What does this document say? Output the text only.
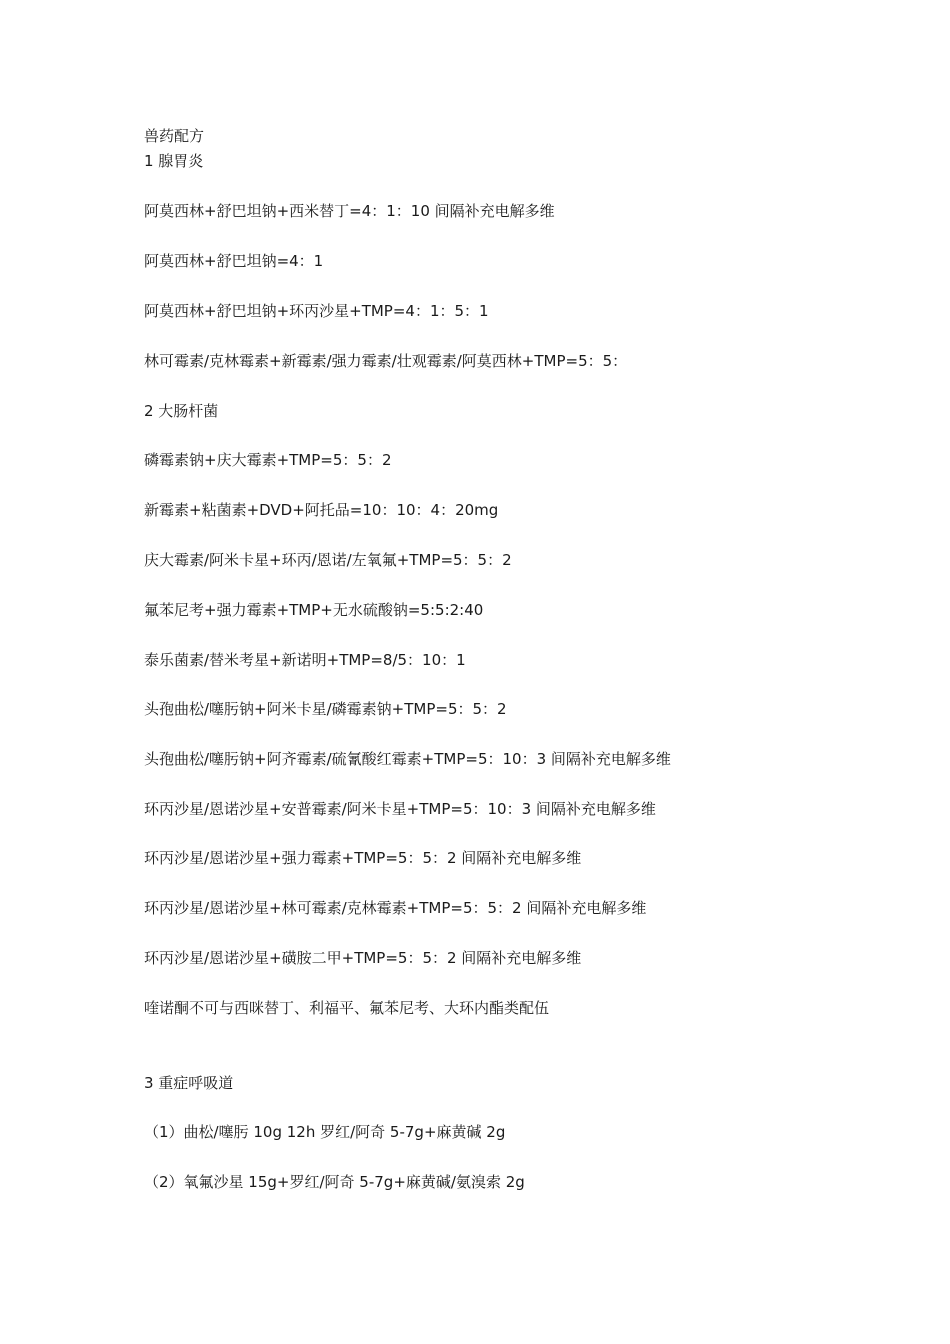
兽药配方
1 腺胃炎
阿莫西林+舒巴坦钠+西米替丁=4：1：10 间隔补充电解多维
阿莫西林+舒巴坦钠=4：1
阿莫西林+舒巴坦钠+环丙沙星+TMP=4：1：5：1
林可霉素/克林霉素+新霉素/强力霉素/壮观霉素/阿莫西林+TMP=5：5：
2 大肠杆菌
磷霉素钠+庆大霉素+TMP=5：5：2
新霉素+粘菌素+DVD+阿托品=10：10：4：20mg
庆大霉素/阿米卡星+环丙/恩诺/左氧氟+TMP=5：5：2
氟苯尼考+强力霉素+TMP+无水硫酸钠=5:5:2:40
泰乐菌素/替米考星+新诺明+TMP=8/5：10：1
头孢曲松/噻肟钠+阿米卡星/磷霉素钠+TMP=5：5：2
头孢曲松/噻肟钠+阿齐霉素/硫氰酸红霉素+TMP=5：10：3 间隔补充电解多维
环丙沙星/恩诺沙星+安普霉素/阿米卡星+TMP=5：10：3 间隔补充电解多维
环丙沙星/恩诺沙星+强力霉素+TMP=5：5：2 间隔补充电解多维
环丙沙星/恩诺沙星+林可霉素/克林霉素+TMP=5：5：2 间隔补充电解多维
环丙沙星/恩诺沙星+磺胺二甲+TMP=5：5：2 间隔补充电解多维
喹诺酮不可与西咪替丁、利福平、氟苯尼考、大环内酯类配伍
3 重症呼吸道
（1）曲松/噻肟 10g 12h 罗红/阿奇 5-7g+麻黄碱 2g
（2）氧氟沙星 15g+罗红/阿奇 5-7g+麻黄碱/氨溴索 2g
